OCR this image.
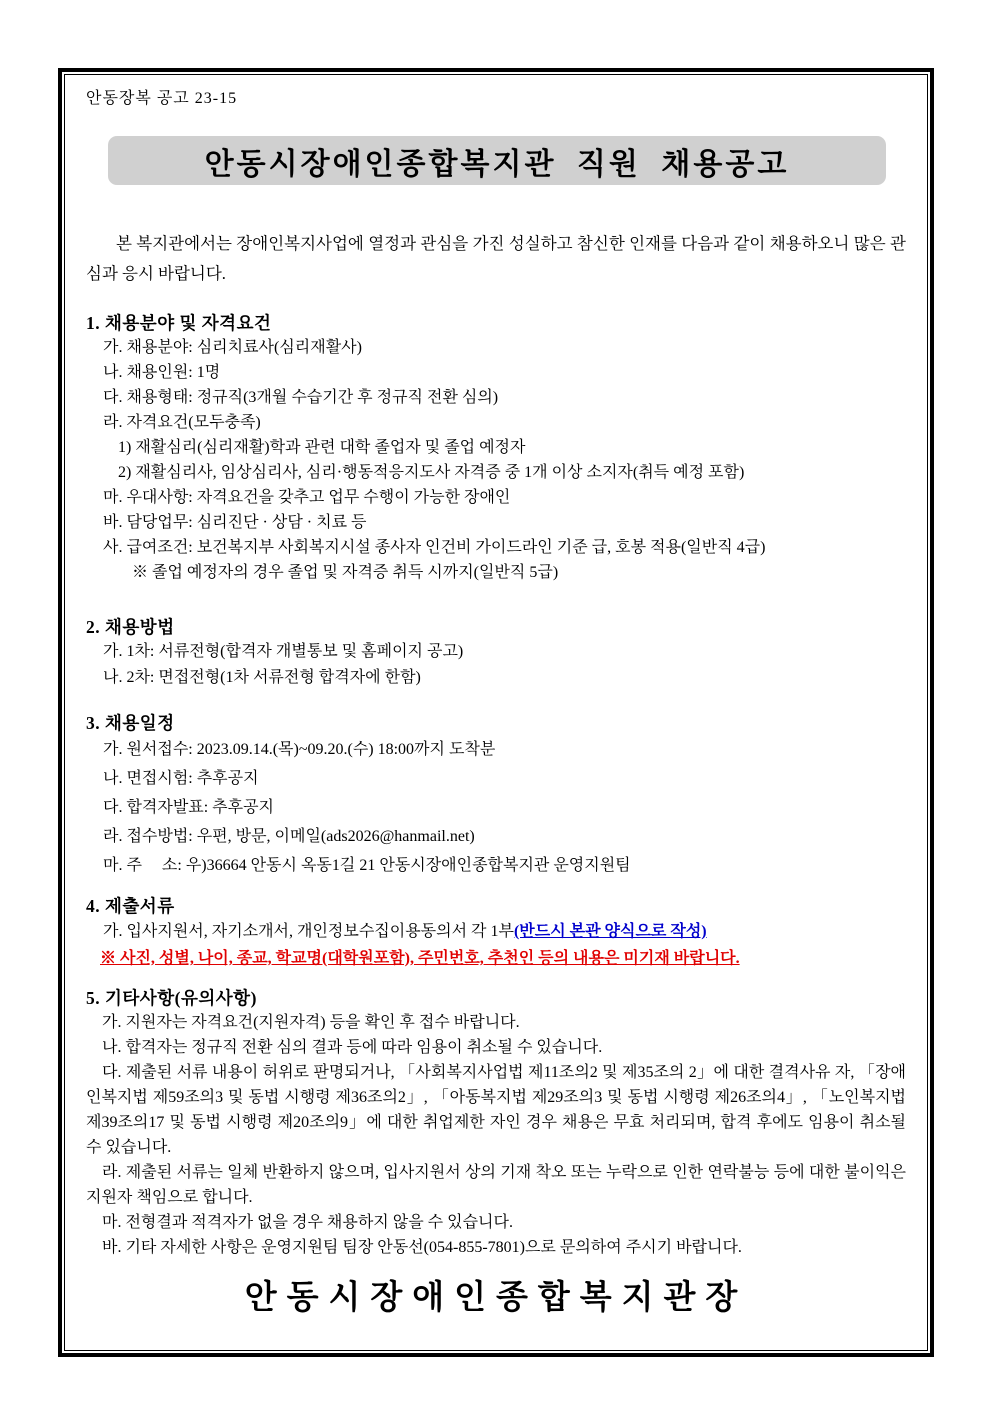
안동장복 공고 23-15
안동시장애인종합복지관 직원 채용공고
본 복지관에서는 장애인복지사업에 열정과 관심을 가진 성실하고 참신한 인재를 다음과 같이 채용하오니 많은 관심과 응시 바랍니다.
1. 채용분야 및 자격요건
가. 채용분야: 심리치료사(심리재활사)
나. 채용인원: 1명
다. 채용형태: 정규직(3개월 수습기간 후 정규직 전환 심의)
라. 자격요건(모두충족)
1) 재활심리(심리재활)학과 관련 대학 졸업자 및 졸업 예정자
2) 재활심리사, 임상심리사, 심리·행동적응지도사 자격증 중 1개 이상 소지자(취득 예정 포함)
마. 우대사항: 자격요건을 갖추고 업무 수행이 가능한 장애인
바. 담당업무: 심리진단 · 상담 · 치료 등
사. 급여조건: 보건복지부 사회복지시설 종사자 인건비 가이드라인 기준 급, 호봉 적용(일반직 4급)
※ 졸업 예정자의 경우 졸업 및 자격증 취득 시까지(일반직 5급)
2. 채용방법
가. 1차: 서류전형(합격자 개별통보 및 홈페이지 공고)
나. 2차: 면접전형(1차 서류전형 합격자에 한함)
3. 채용일정
가. 원서접수: 2023.09.14.(목)~09.20.(수) 18:00까지 도착분
나. 면접시험: 추후공지
다. 합격자발표: 추후공지
라. 접수방법: 우편, 방문, 이메일(ads2026@hanmail.net)
마. 주     소: 우)36664 안동시 옥동1길 21 안동시장애인종합복지관 운영지원팀
4. 제출서류
가. 입사지원서, 자기소개서, 개인정보수집이용동의서 각 1부(반드시 본관 양식으로 작성)
※ 사진, 성별, 나이, 종교, 학교명(대학원포함), 주민번호, 추천인 등의 내용은 미기재 바랍니다.
5. 기타사항(유의사항)
가. 지원자는 자격요건(지원자격) 등을 확인 후 접수 바랍니다.
나. 합격자는 정규직 전환 심의 결과 등에 따라 임용이 취소될 수 있습니다.
다. 제출된 서류 내용이 허위로 판명되거나, 「사회복지사업법 제11조의2 및 제35조의 2」에 대한 결격사유 자, 「장애인복지법 제59조의3 및 동법 시행령 제36조의2」, 「아동복지법 제29조의3 및 동법 시행령 제26조의4」, 「노인복지법 제39조의17 및 동법 시행령 제20조의9」에 대한 취업제한 자인 경우 채용은 무효 처리되며, 합격 후에도 임용이 취소될 수 있습니다.
라. 제출된 서류는 일체 반환하지 않으며, 입사지원서 상의 기재 착오 또는 누락으로 인한 연락불능 등에 대한 불이익은 지원자 책임으로 합니다.
마. 전형결과 적격자가 없을 경우 채용하지 않을 수 있습니다.
바. 기타 자세한 사항은 운영지원팀 팀장 안동선(054-855-7801)으로 문의하여 주시기 바랍니다.
안동시장애인종합복지관장
